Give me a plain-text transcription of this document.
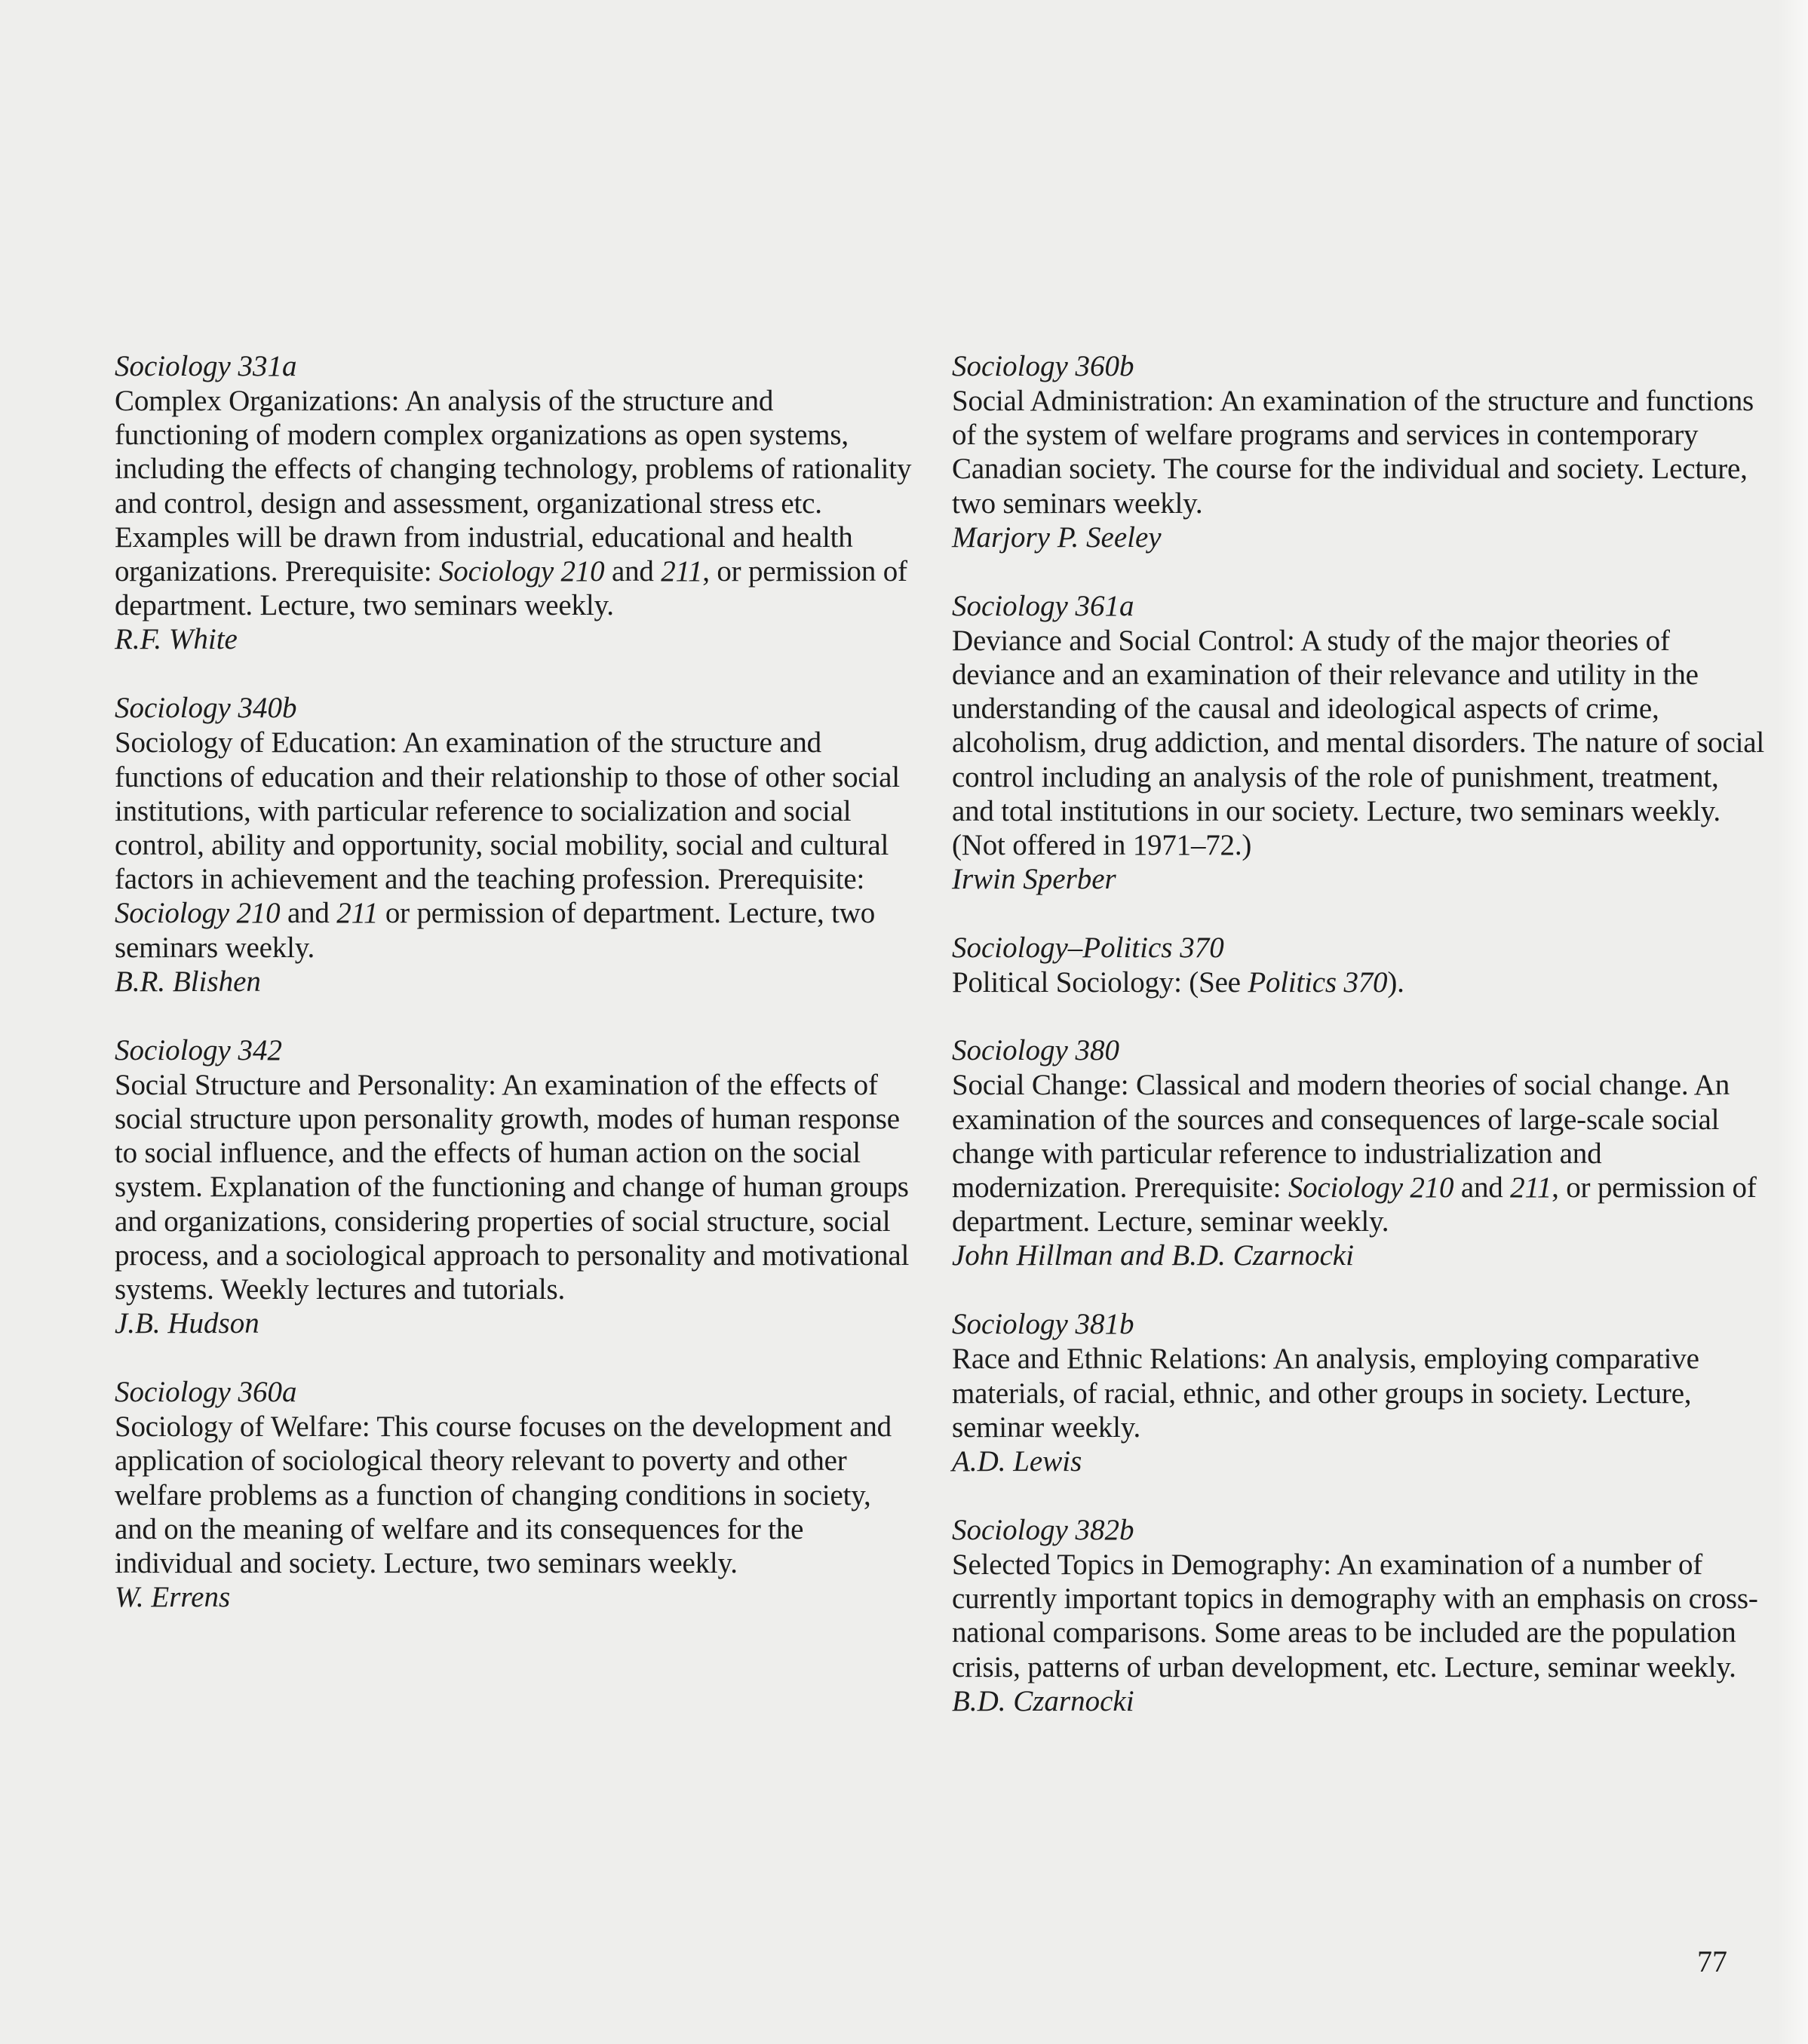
Sociology 331a
Complex Organizations: An analysis of the structure and functioning of modern complex organizations as open systems, including the effects of changing technology, problems of rationality and control, design and assessment, organizational stress etc. Examples will be drawn from industrial, educational and health organizations. Prerequisite: Sociology 210 and 211, or permission of department. Lecture, two seminars weekly.
R.F. White
Sociology 340b
Sociology of Education: An examination of the structure and functions of education and their relationship to those of other social institutions, with particular reference to socialization and social control, ability and opportunity, social mobility, social and cultural factors in achievement and the teaching profession. Prerequisite: Sociology 210 and 211 or permission of department. Lecture, two seminars weekly.
B.R. Blishen
Sociology 342
Social Structure and Personality: An examination of the effects of social structure upon personality growth, modes of human response to social influence, and the effects of human action on the social system. Explanation of the functioning and change of human groups and organizations, considering properties of social structure, social process, and a sociological approach to personality and motivational systems. Weekly lectures and tutorials.
J.B. Hudson
Sociology 360a
Sociology of Welfare: This course focuses on the development and application of sociological theory relevant to poverty and other welfare problems as a function of changing conditions in society, and on the meaning of welfare and its consequences for the individual and society. Lecture, two seminars weekly.
W. Errens
Sociology 360b
Social Administration: An examination of the structure and functions of the system of welfare programs and services in contemporary Canadian society. The course for the individual and society. Lecture, two seminars weekly.
Marjory P. Seeley
Sociology 361a
Deviance and Social Control: A study of the major theories of deviance and an examination of their relevance and utility in the understanding of the causal and ideological aspects of crime, alcoholism, drug addiction, and mental disorders. The nature of social control including an analysis of the role of punishment, treatment, and total institutions in our society. Lecture, two seminars weekly. (Not offered in 1971–72.)
Irwin Sperber
Sociology–Politics 370
Political Sociology: (See Politics 370).
Sociology 380
Social Change: Classical and modern theories of social change. An examination of the sources and consequences of large-scale social change with particular reference to industrialization and modernization. Prerequisite: Sociology 210 and 211, or permission of department. Lecture, seminar weekly.
John Hillman and B.D. Czarnocki
Sociology 381b
Race and Ethnic Relations: An analysis, employing comparative materials, of racial, ethnic, and other groups in society. Lecture, seminar weekly.
A.D. Lewis
Sociology 382b
Selected Topics in Demography: An examination of a number of currently important topics in demography with an emphasis on cross-national comparisons. Some areas to be included are the population crisis, patterns of urban development, etc. Lecture, seminar weekly.
B.D. Czarnocki
77
